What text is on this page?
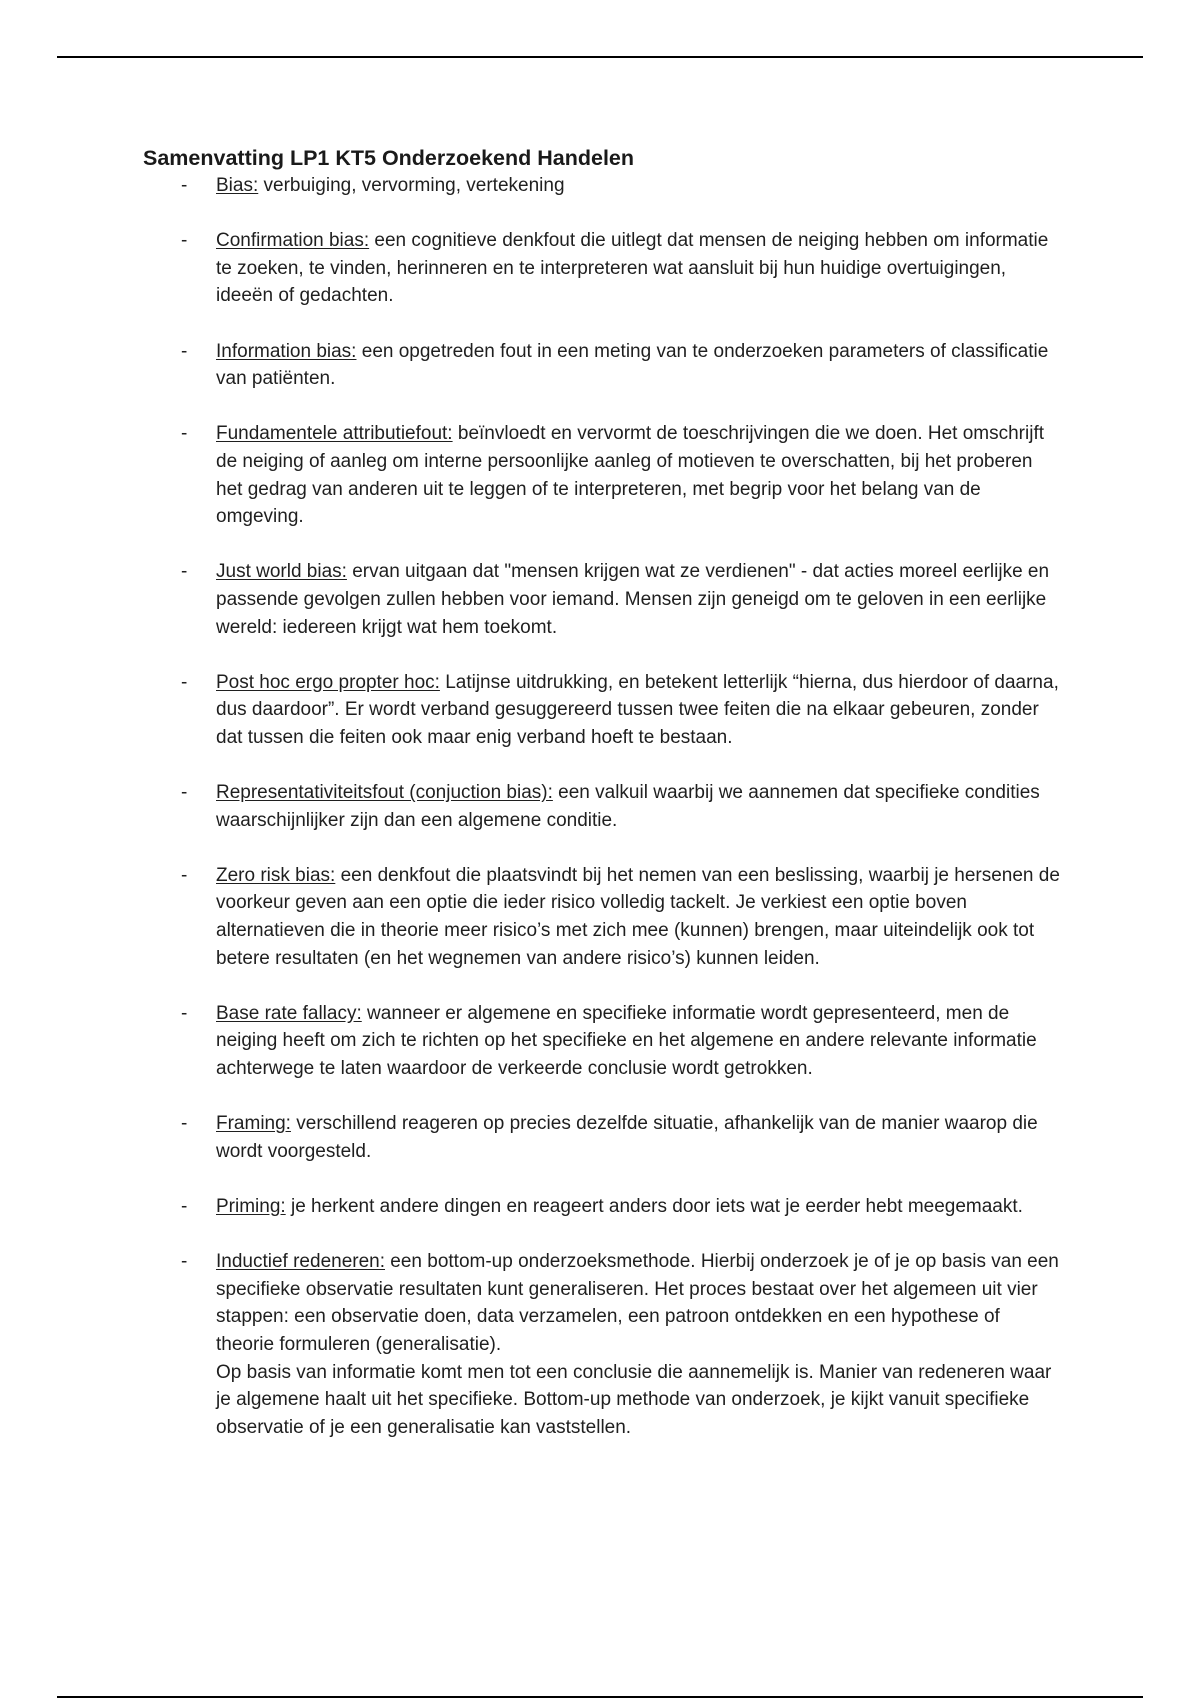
Samenvatting LP1 KT5 Onderzoekend Handelen
- Bias: verbuiging, vervorming, vertekening
- Confirmation bias: een cognitieve denkfout die uitlegt dat mensen de neiging hebben om informatie te zoeken, te vinden, herinneren en te interpreteren wat aansluit bij hun huidige overtuigingen, ideeën of gedachten.
- Information bias: een opgetreden fout in een meting van te onderzoeken parameters of classificatie van patiënten.
- Fundamentele attributiefout: beïnvloedt en vervormt de toeschrijvingen die we doen. Het omschrijft de neiging of aanleg om interne persoonlijke aanleg of motieven te overschatten, bij het proberen het gedrag van anderen uit te leggen of te interpreteren, met begrip voor het belang van de omgeving.
- Just world bias: ervan uitgaan dat "mensen krijgen wat ze verdienen" - dat acties moreel eerlijke en passende gevolgen zullen hebben voor iemand. Mensen zijn geneigd om te geloven in een eerlijke wereld: iedereen krijgt wat hem toekomt.
- Post hoc ergo propter hoc: Latijnse uitdrukking, en betekent letterlijk “hierna, dus hierdoor of daarna, dus daardoor”. Er wordt verband gesuggereerd tussen twee feiten die na elkaar gebeuren, zonder dat tussen die feiten ook maar enig verband hoeft te bestaan.
- Representativiteitsfout (conjuction bias): een valkuil waarbij we aannemen dat specifieke condities waarschijnlijker zijn dan een algemene conditie.
- Zero risk bias: een denkfout die plaatsvindt bij het nemen van een beslissing, waarbij je hersenen de voorkeur geven aan een optie die ieder risico volledig tackelt. Je verkiest een optie boven alternatieven die in theorie meer risico’s met zich mee (kunnen) brengen, maar uiteindelijk ook tot betere resultaten (en het wegnemen van andere risico’s) kunnen leiden.
- Base rate fallacy: wanneer er algemene en specifieke informatie wordt gepresenteerd, men de neiging heeft om zich te richten op het specifieke en het algemene en andere relevante informatie achterwege te laten waardoor de verkeerde conclusie wordt getrokken.
- Framing: verschillend reageren op precies dezelfde situatie, afhankelijk van de manier waarop die wordt voorgesteld.
- Priming: je herkent andere dingen en reageert anders door iets wat je eerder hebt meegemaakt.
- Inductief redeneren: een bottom-up onderzoeksmethode. Hierbij onderzoek je of je op basis van een specifieke observatie resultaten kunt generaliseren. Het proces bestaat over het algemeen uit vier stappen: een observatie doen, data verzamelen, een patroon ontdekken en een hypothese of theorie formuleren (generalisatie).
Op basis van informatie komt men tot een conclusie die aannemelijk is. Manier van redeneren waar je algemene haalt uit het specifieke. Bottom-up methode van onderzoek, je kijkt vanuit specifieke observatie of je een generalisatie kan vaststellen.
